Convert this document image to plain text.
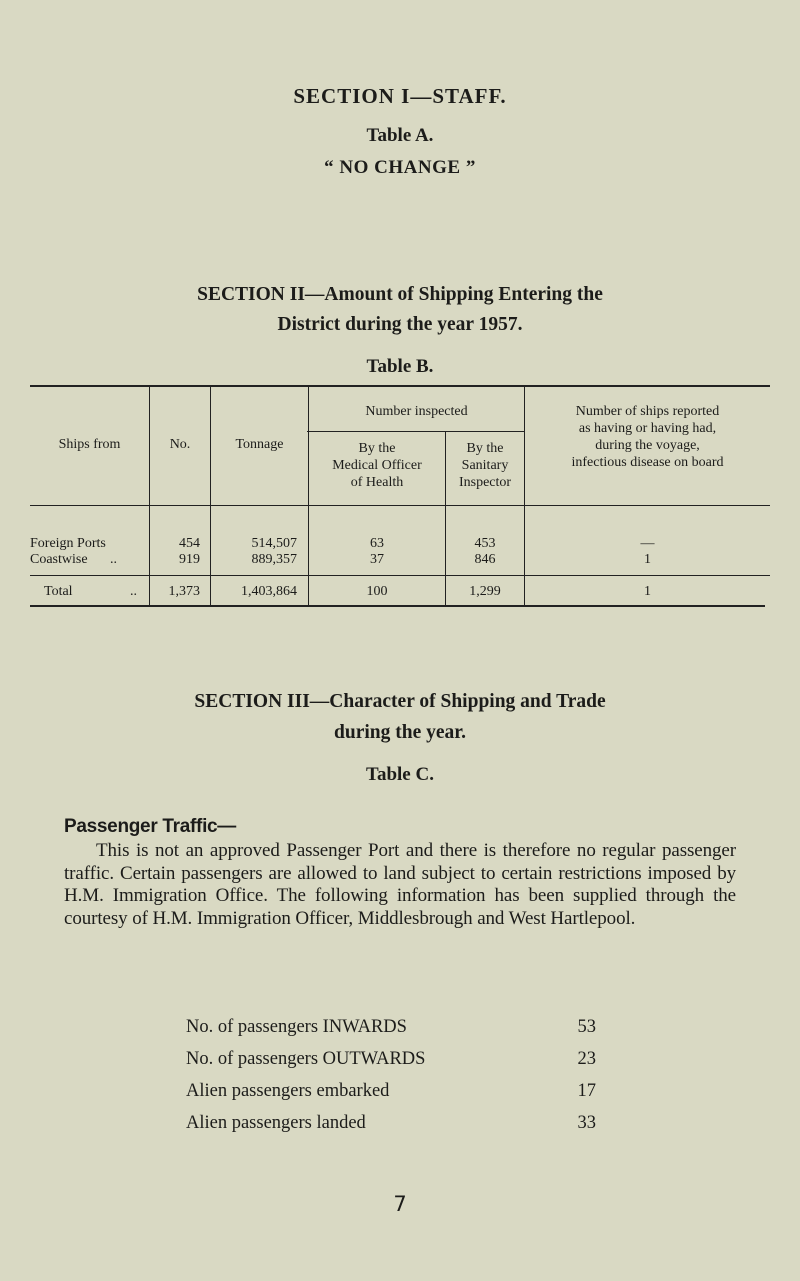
SECTION I—STAFF.
Table A.
“ NO CHANGE ”
SECTION II—Amount of Shipping Entering the
District during the year 1957.
Table B.
Ships from	No.	Tonnage
Number inspected
By the
Medical Officer
of Health
By the
Sanitary
Inspector
Number of ships reported
as having or having had,
during the voyage,
infectious disease on board
Foreign Ports	454	514,507	63	453	—
Coastwise ..	919	889,357	37	846	1
Total	..	1,373	1,403,864	100	1,299	1
SECTION III—Character of Shipping and Trade
during the year.
Table C.
Passenger Traffic—
This is not an approved Passenger Port and there is therefore no regular passenger traffic. Certain passengers are allowed to land subject to certain restrictions imposed by H.M. Immigration Office. The following information has been supplied through the courtesy of H.M. Immigration Officer, Middlesbrough and West Hartlepool.
No. of passengers INWARDS	53
No. of passengers OUTWARDS	23
Alien passengers embarked	17
Alien passengers landed	33
7
